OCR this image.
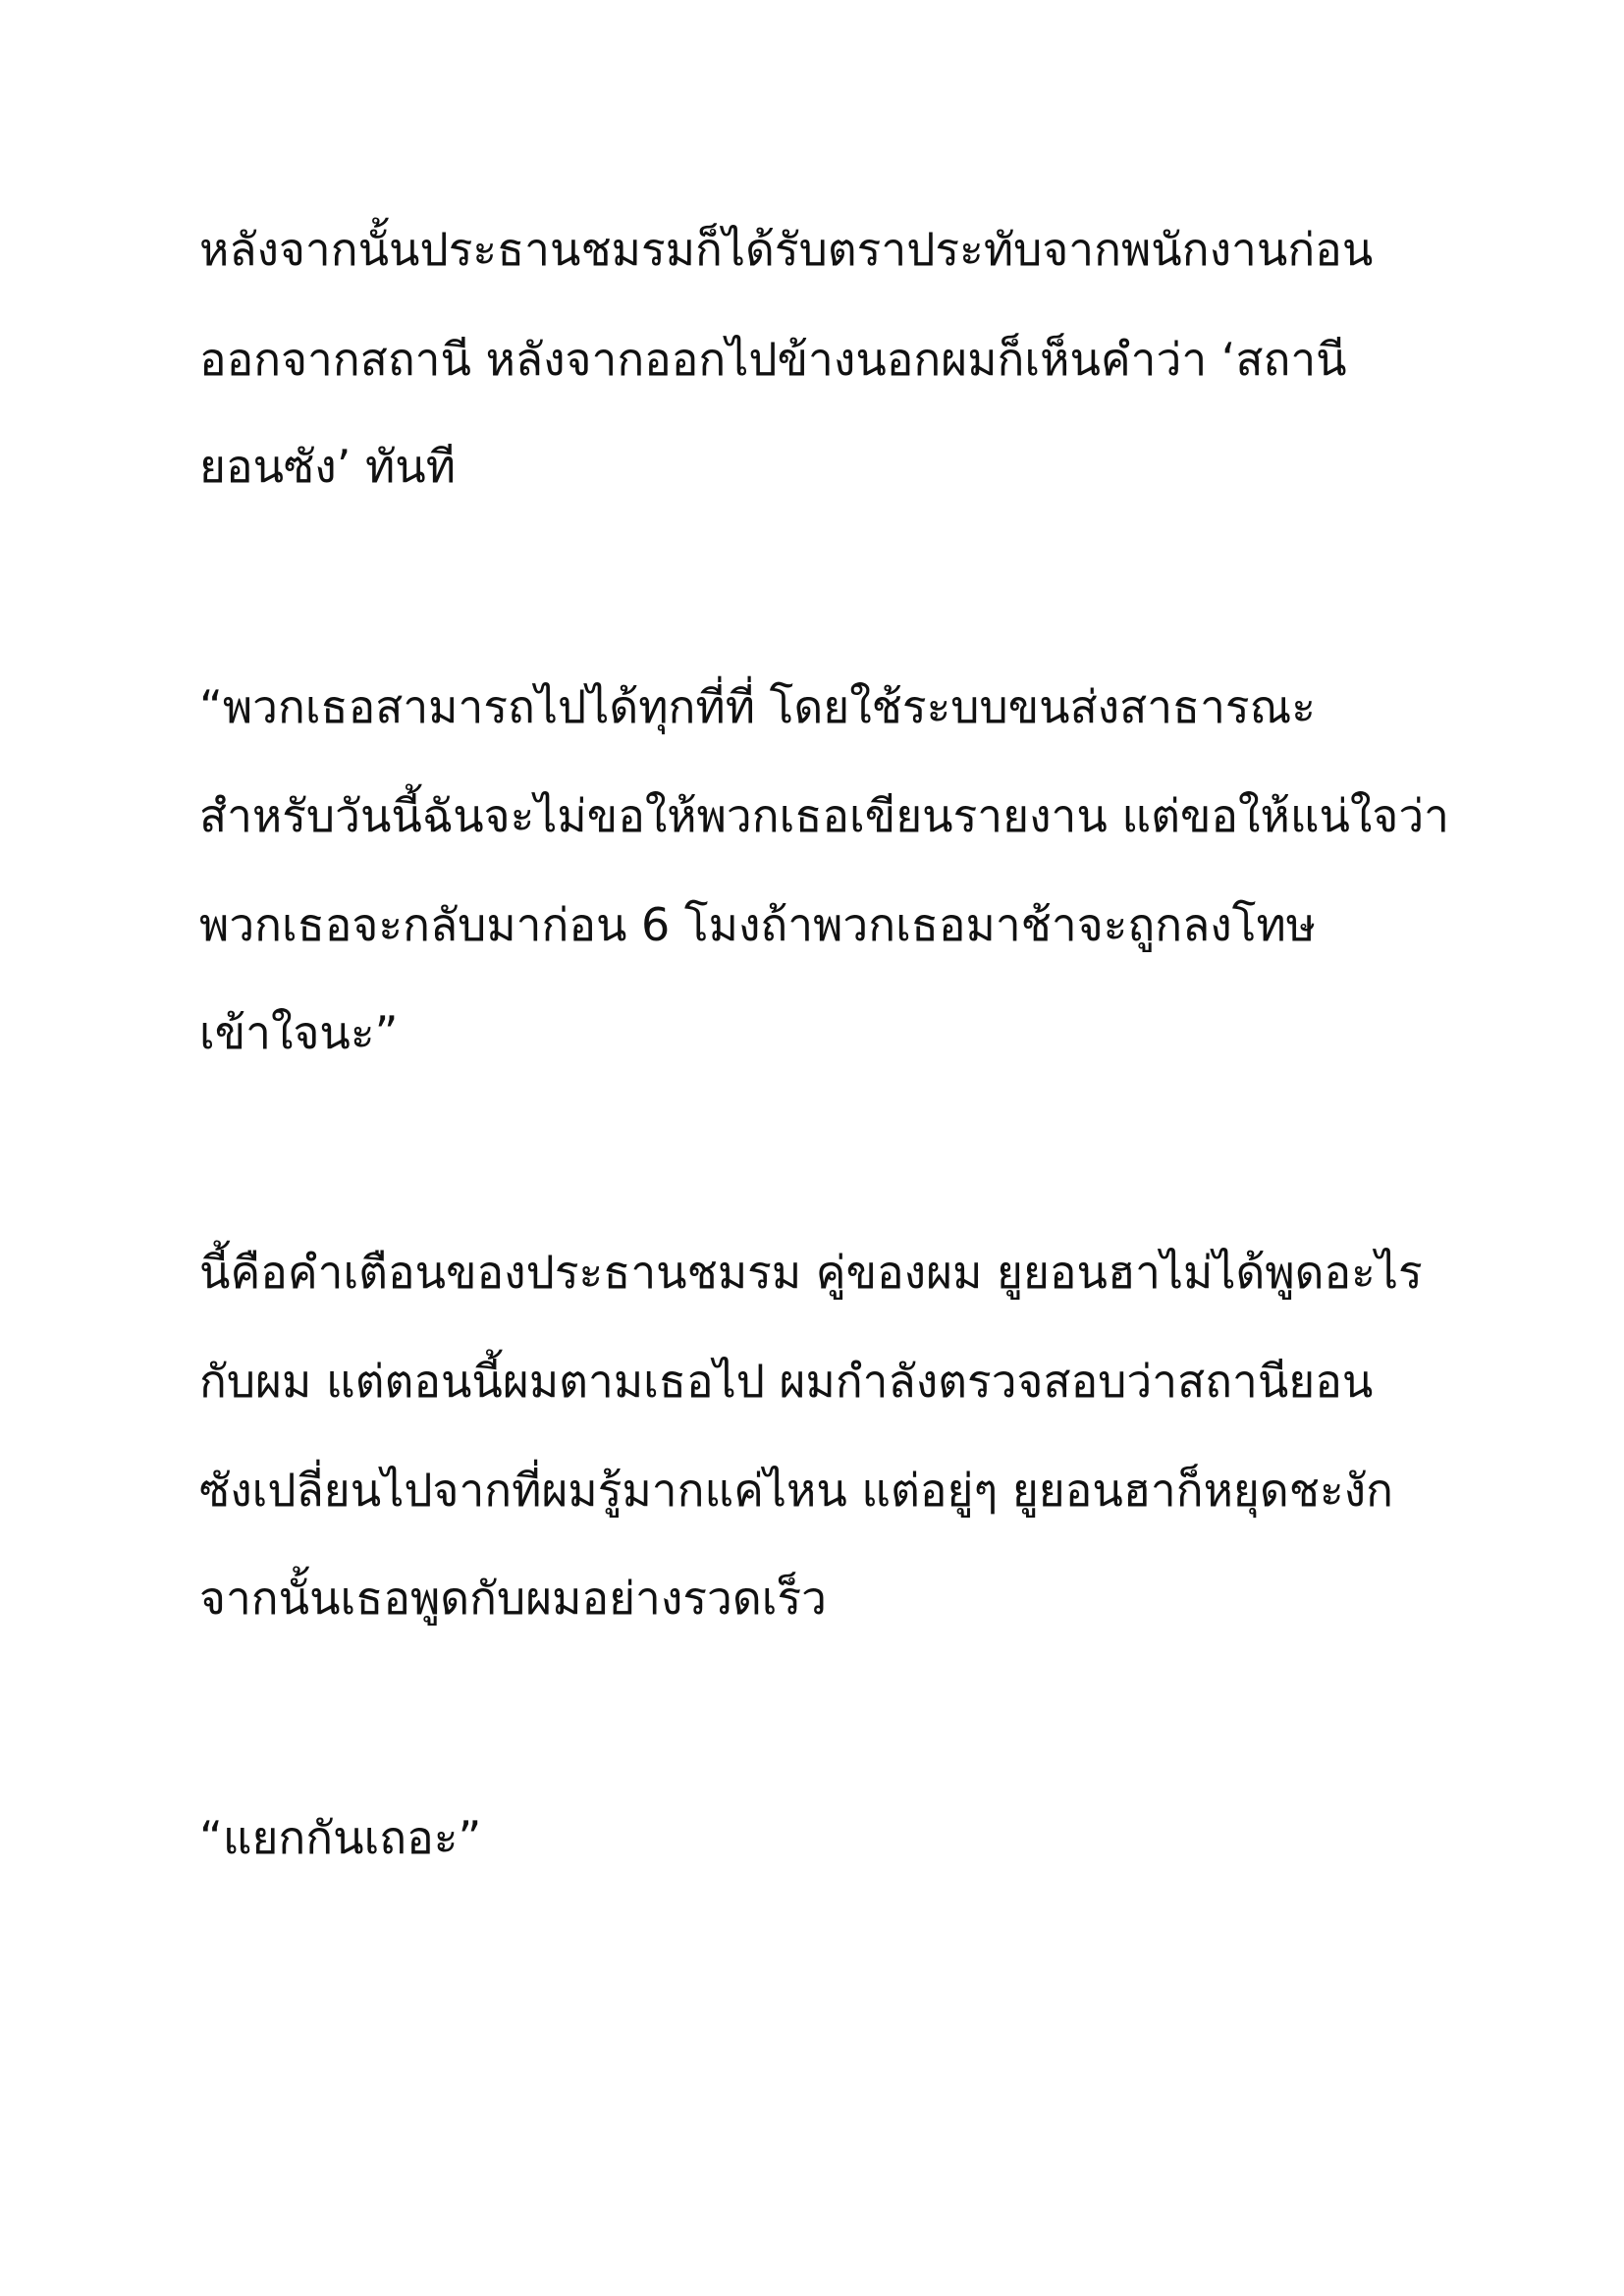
หลังจากนั้นประธานชมรมก็ได้รับตราประทับจากพนักงานก่อน
ออกจากสถานี หลังจากออกไปข้างนอกผมก็เห็นคำว่า ‘สถานี
ยอนซัง’ ทันที
“พวกเธอสามารถไปได้ทุกที่ที่ โดยใช้ระบบขนส่งสาธารณะ
สำหรับวันนี้ฉันจะไม่ขอให้พวกเธอเขียนรายงาน แต่ขอให้แน่ใจว่า
พวกเธอจะกลับมาก่อน 6 โมงถ้าพวกเธอมาช้าจะถูกลงโทษ
เข้าใจนะ”
นี้คือคำเตือนของประธานชมรม คู่ของผม ยูยอนฮาไม่ได้พูดอะไร
กับผม แต่ตอนนี้ผมตามเธอไป ผมกำลังตรวจสอบว่าสถานียอน
ซังเปลี่ยนไปจากที่ผมรู้มากแค่ไหน แต่อยู่ๆ ยูยอนฮาก็หยุดชะงัก
จากนั้นเธอพูดกับผมอย่างรวดเร็ว
“แยกกันเถอะ”
